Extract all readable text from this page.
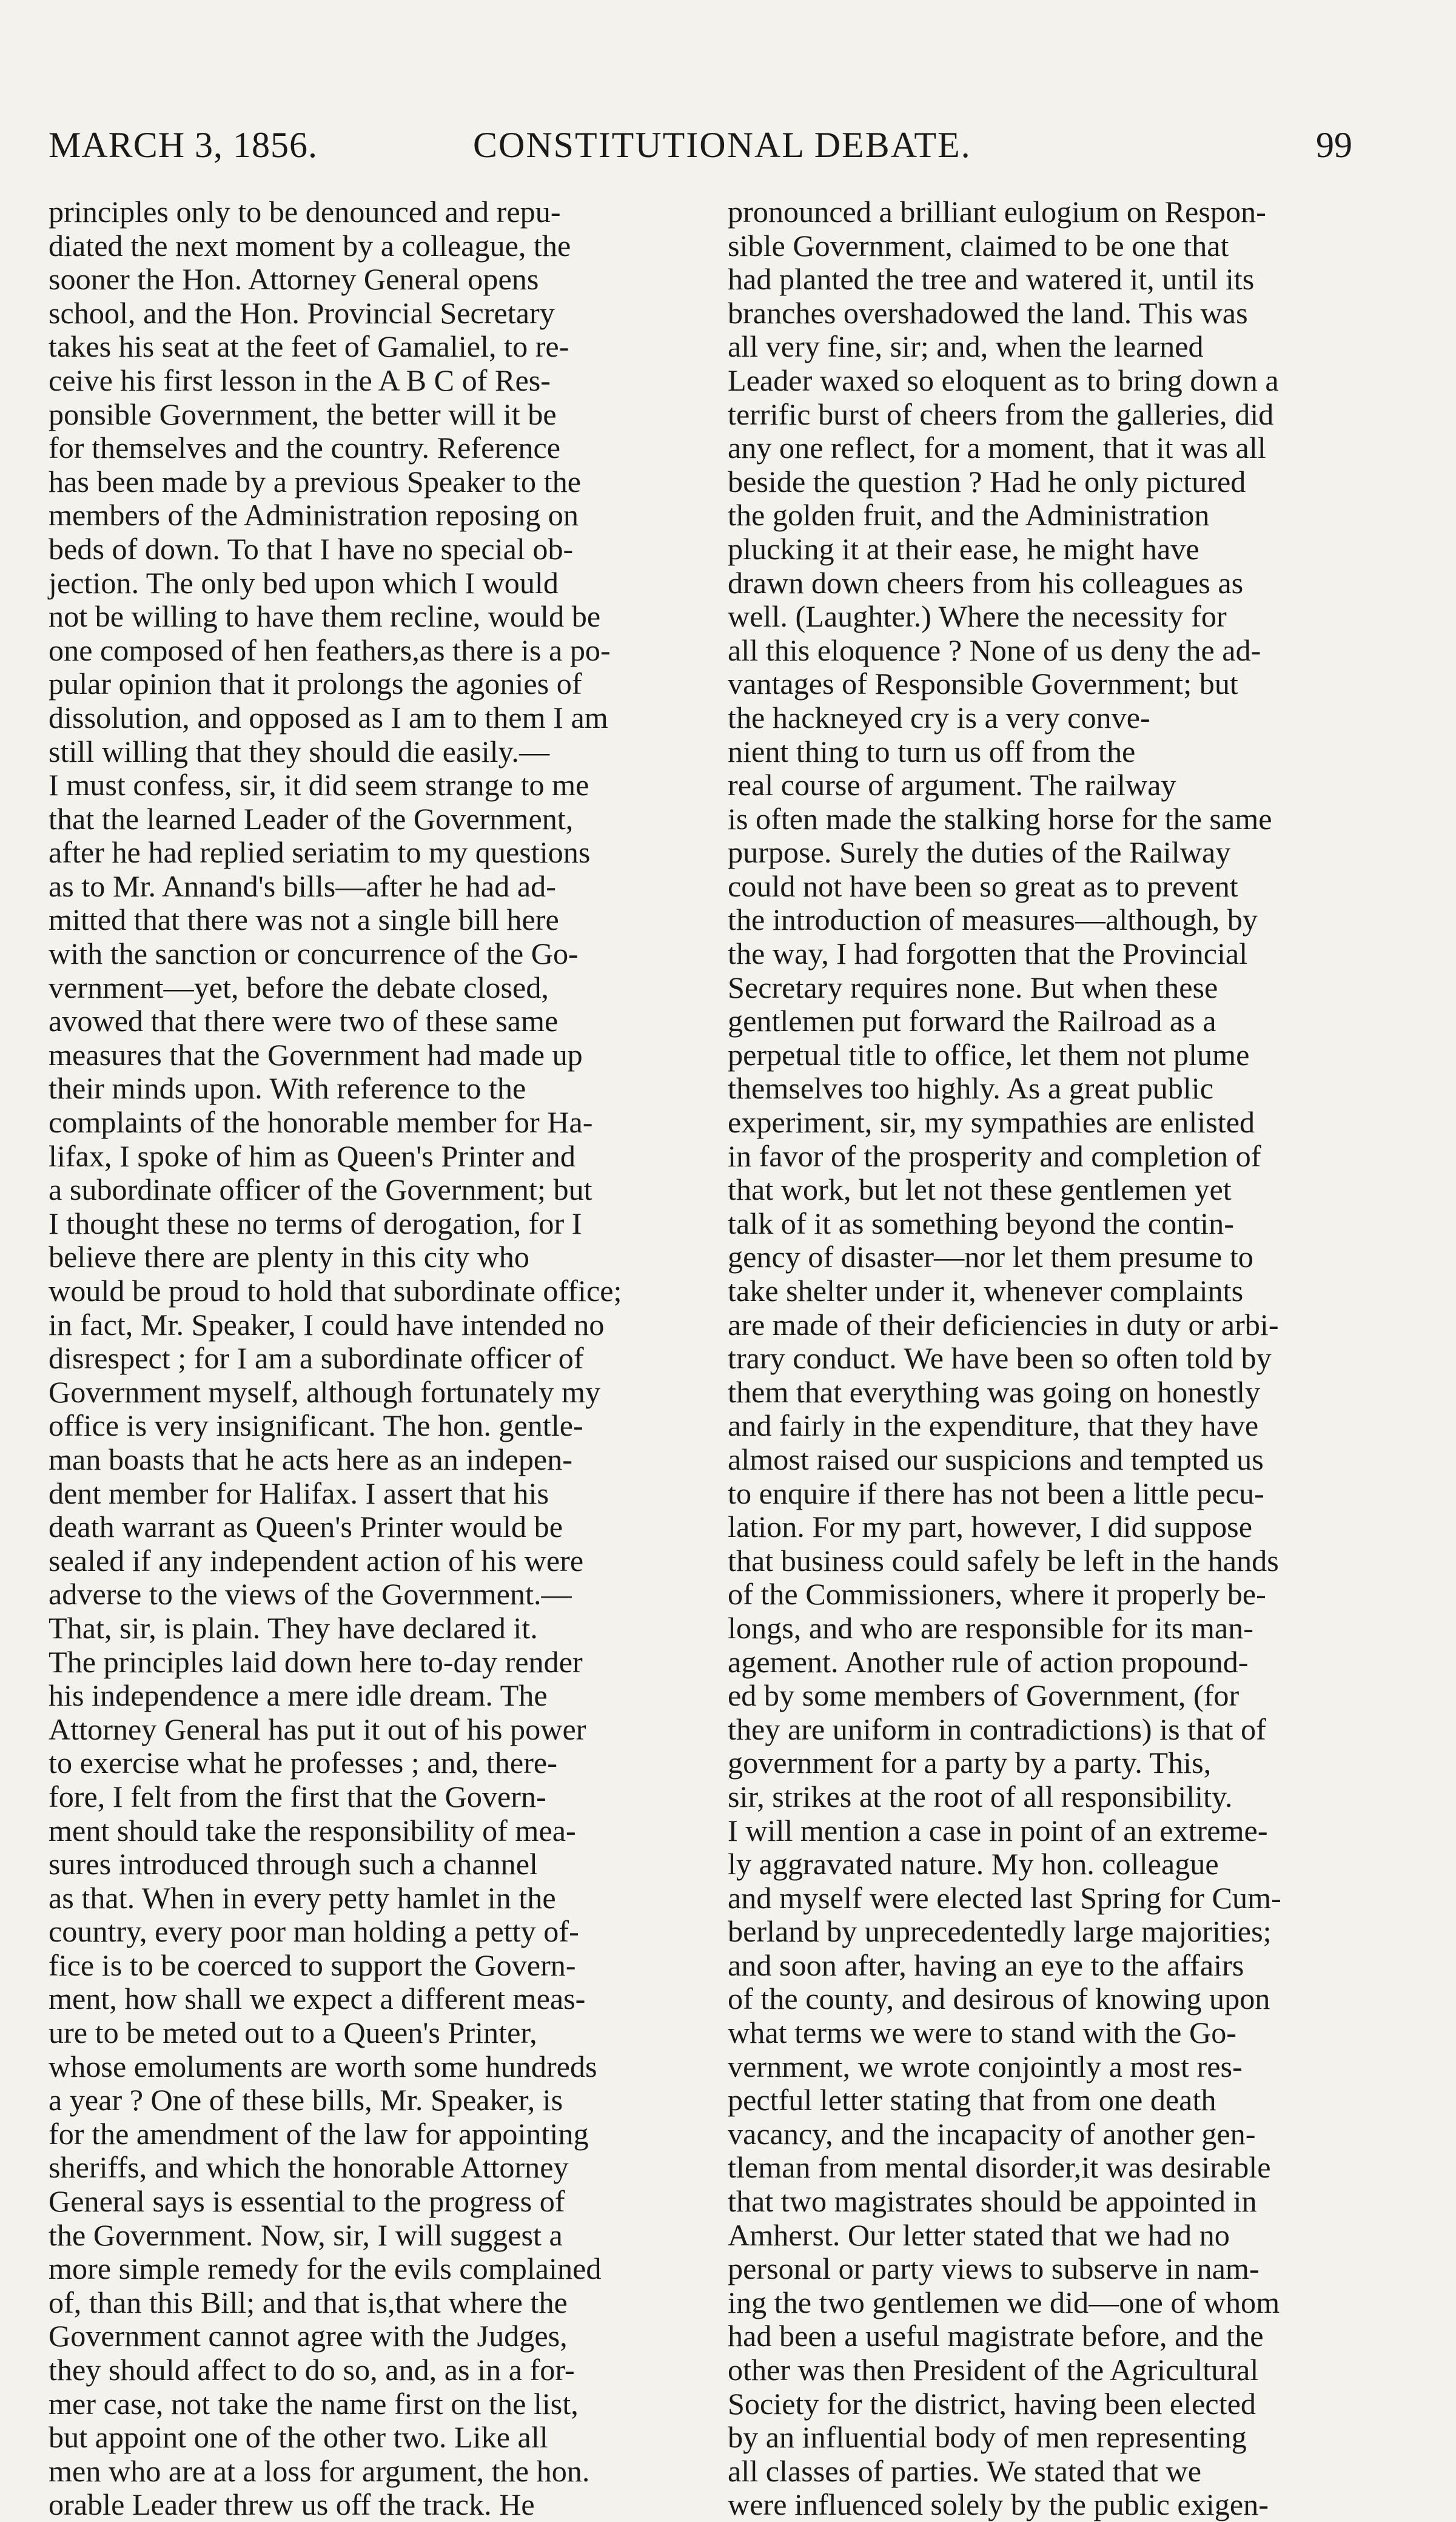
MARCH 3, 1856.	CONSTITUTIONAL DEBATE.	99

principles only to be denounced and repu-
diated the next moment by a colleague, the
sooner the Hon. Attorney General opens
school, and the Hon. Provincial Secretary
takes his seat at the feet of Gamaliel, to re-
ceive his first lesson in the A B C of Res-
ponsible Government, the better will it be
for themselves and the country. Reference
has been made by a previous Speaker to the
members of the Administration reposing on
beds of down. To that I have no special ob-
jection. The only bed upon which I would
not be willing to have them recline, would be
one composed of hen feathers,as there is a po-
pular opinion that it prolongs the agonies of
dissolution, and opposed as I am to them I am
still willing that they should die easily.—
I must confess, sir, it did seem strange to me
that the learned Leader of the Government,
after he had replied seriatim to my questions
as to Mr. Annand's bills—after he had ad-
mitted that there was not a single bill here
with the sanction or concurrence of the Go-
vernment—yet, before the debate closed,
avowed that there were two of these same
measures that the Government had made up
their minds upon. With reference to the
complaints of the honorable member for Ha-
lifax, I spoke of him as Queen's Printer and
a subordinate officer of the Government; but
I thought these no terms of derogation, for I
believe there are plenty in this city who
would be proud to hold that subordinate office;
in fact, Mr. Speaker, I could have intended no
disrespect ; for I am a subordinate officer of
Government myself, although fortunately my
office is very insignificant. The hon. gentle-
man boasts that he acts here as an indepen-
dent member for Halifax. I assert that his
death warrant as Queen's Printer would be
sealed if any independent action of his were
adverse to the views of the Government.—
That, sir, is plain. They have declared it.
The principles laid down here to-day render
his independence a mere idle dream. The
Attorney General has put it out of his power
to exercise what he professes ; and, there-
fore, I felt from the first that the Govern-
ment should take the responsibility of mea-
sures introduced through such a channel
as that. When in every petty hamlet in the
country, every poor man holding a petty of-
fice is to be coerced to support the Govern-
ment, how shall we expect a different meas-
ure to be meted out to a Queen's Printer,
whose emoluments are worth some hundreds
a year ? One of these bills, Mr. Speaker, is
for the amendment of the law for appointing
sheriffs, and which the honorable Attorney
General says is essential to the progress of
the Government. Now, sir, I will suggest a
more simple remedy for the evils complained
of, than this Bill; and that is,that where the
Government cannot agree with the Judges,
they should affect to do so, and, as in a for-
mer case, not take the name first on the list,
but appoint one of the other two. Like all
men who are at a loss for argument, the hon.
orable Leader threw us off the track. He

pronounced a brilliant eulogium on Respon-
sible Government, claimed to be one that
had planted the tree and watered it, until its
branches overshadowed the land. This was
all very fine, sir; and, when the learned
Leader waxed so eloquent as to bring down a
terrific burst of cheers from the galleries, did
any one reflect, for a moment, that it was all
beside the question ? Had he only pictured
the golden fruit, and the Administration
plucking it at their ease, he might have
drawn down cheers from his colleagues as
well. (Laughter.) Where the necessity for
all this eloquence ? None of us deny the ad-
vantages of Responsible Government; but
the hackneyed cry is a very conve-
nient thing to turn us off from the
real course of argument. The railway
is often made the stalking horse for the same
purpose. Surely the duties of the Railway
could not have been so great as to prevent
the introduction of measures—although, by
the way, I had forgotten that the Provincial
Secretary requires none. But when these
gentlemen put forward the Railroad as a
perpetual title to office, let them not plume
themselves too highly. As a great public
experiment, sir, my sympathies are enlisted
in favor of the prosperity and completion of
that work, but let not these gentlemen yet
talk of it as something beyond the contin-
gency of disaster—nor let them presume to
take shelter under it, whenever complaints
are made of their deficiencies in duty or arbi-
trary conduct. We have been so often told by
them that everything was going on honestly
and fairly in the expenditure, that they have
almost raised our suspicions and tempted us
to enquire if there has not been a little pecu-
lation. For my part, however, I did suppose
that business could safely be left in the hands
of the Commissioners, where it properly be-
longs, and who are responsible for its man-
agement. Another rule of action propound-
ed by some members of Government, (for
they are uniform in contradictions) is that of
government for a party by a party. This,
sir, strikes at the root of all responsibility.
I will mention a case in point of an extreme-
ly aggravated nature. My hon. colleague
and myself were elected last Spring for Cum-
berland by unprecedentedly large majorities;
and soon after, having an eye to the affairs
of the county, and desirous of knowing upon
what terms we were to stand with the Go-
vernment, we wrote conjointly a most res-
pectful letter stating that from one death
vacancy, and the incapacity of another gen-
tleman from mental disorder,it was desirable
that two magistrates should be appointed in
Amherst. Our letter stated that we had no
personal or party views to subserve in nam-
ing the two gentlemen we did—one of whom
had been a useful magistrate before, and the
other was then President of the Agricultural
Society for the district, having been elected
by an influential body of men representing
all classes of parties. We stated that we
were influenced solely by the public exigen-
